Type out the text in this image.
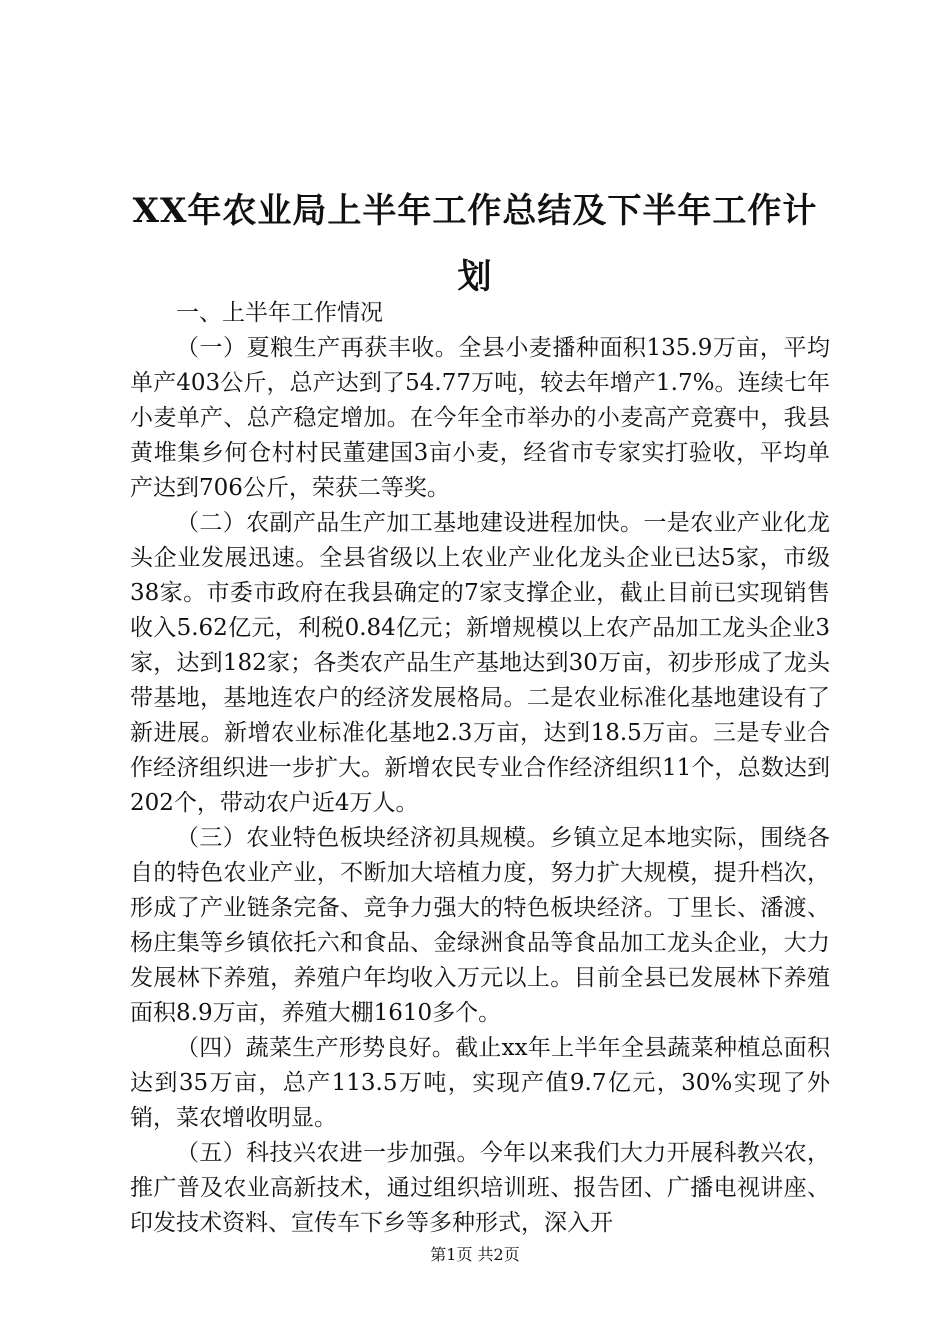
XX年农业局上半年工作总结及下半年工作计划

一、上半年工作情况

（一）夏粮生产再获丰收。全县小麦播种面积135.9万亩，平均单产403公斤，总产达到了54.77万吨，较去年增产1.7%。连续七年小麦单产、总产稳定增加。在今年全市举办的小麦高产竞赛中，我县黄堆集乡何仓村村民董建国3亩小麦，经省市专家实打验收，平均单产达到706公斤，荣获二等奖。

（二）农副产品生产加工基地建设进程加快。一是农业产业化龙头企业发展迅速。全县省级以上农业产业化龙头企业已达5家，市级38家。市委市政府在我县确定的7家支撑企业，截止目前已实现销售收入5.62亿元，利税0.84亿元；新增规模以上农产品加工龙头企业3家，达到182家；各类农产品生产基地达到30万亩，初步形成了龙头带基地，基地连农户的经济发展格局。二是农业标准化基地建设有了新进展。新增农业标准化基地2.3万亩，达到18.5万亩。三是专业合作经济组织进一步扩大。新增农民专业合作经济组织11个，总数达到202个，带动农户近4万人。

（三）农业特色板块经济初具规模。乡镇立足本地实际，围绕各自的特色农业产业，不断加大培植力度，努力扩大规模，提升档次，形成了产业链条完备、竞争力强大的特色板块经济。丁里长、潘渡、杨庄集等乡镇依托六和食品、金绿洲食品等食品加工龙头企业，大力发展林下养殖，养殖户年均收入万元以上。目前全县已发展林下养殖面积8.9万亩，养殖大棚1610多个。

（四）蔬菜生产形势良好。截止xx年上半年全县蔬菜种植总面积达到35万亩，总产113.5万吨，实现产值9.7亿元，30%实现了外销，菜农增收明显。

（五）科技兴农进一步加强。今年以来我们大力开展科教兴农，推广普及农业高新技术，通过组织培训班、报告团、广播电视讲座、印发技术资料、宣传车下乡等多种形式，深入开

第1页 共2页
